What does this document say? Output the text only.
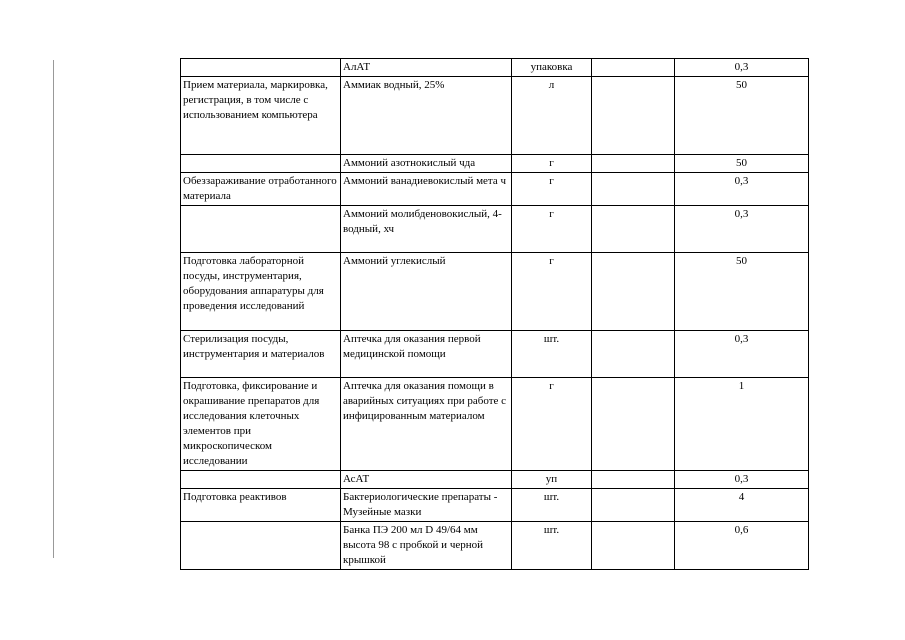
	АлАТ	упаковка		0,3
Прием материала, маркировка, регистрация, в том числе с использованием компьютера	Аммиак водный, 25%	л		50
	Аммоний азотнокислый чда	г		50
Обеззараживание отработанного материала	Аммоний ванадиевокислый мета ч	г		0,3
	Аммоний молибденовокислый, 4-водный, хч	г		0,3
Подготовка лабораторной посуды, инструментария, оборудования аппаратуры для проведения исследований	Аммоний углекислый	г		50
Стерилизация посуды, инструментария и материалов	Аптечка для оказания первой медицинской помощи	шт.		0,3
Подготовка, фиксирование и окрашивание препаратов для исследования клеточных элементов при микроскопическом исследовании	Аптечка для оказания помощи в аварийных ситуациях при работе с инфицированным материалом	г		1
	АсАТ	уп		0,3
Подготовка реактивов	Бактериологические препараты - Музейные мазки	шт.		4
	Банка ПЭ 200 мл D 49/64 мм высота 98 с пробкой и черной крышкой	шт.		0,6
